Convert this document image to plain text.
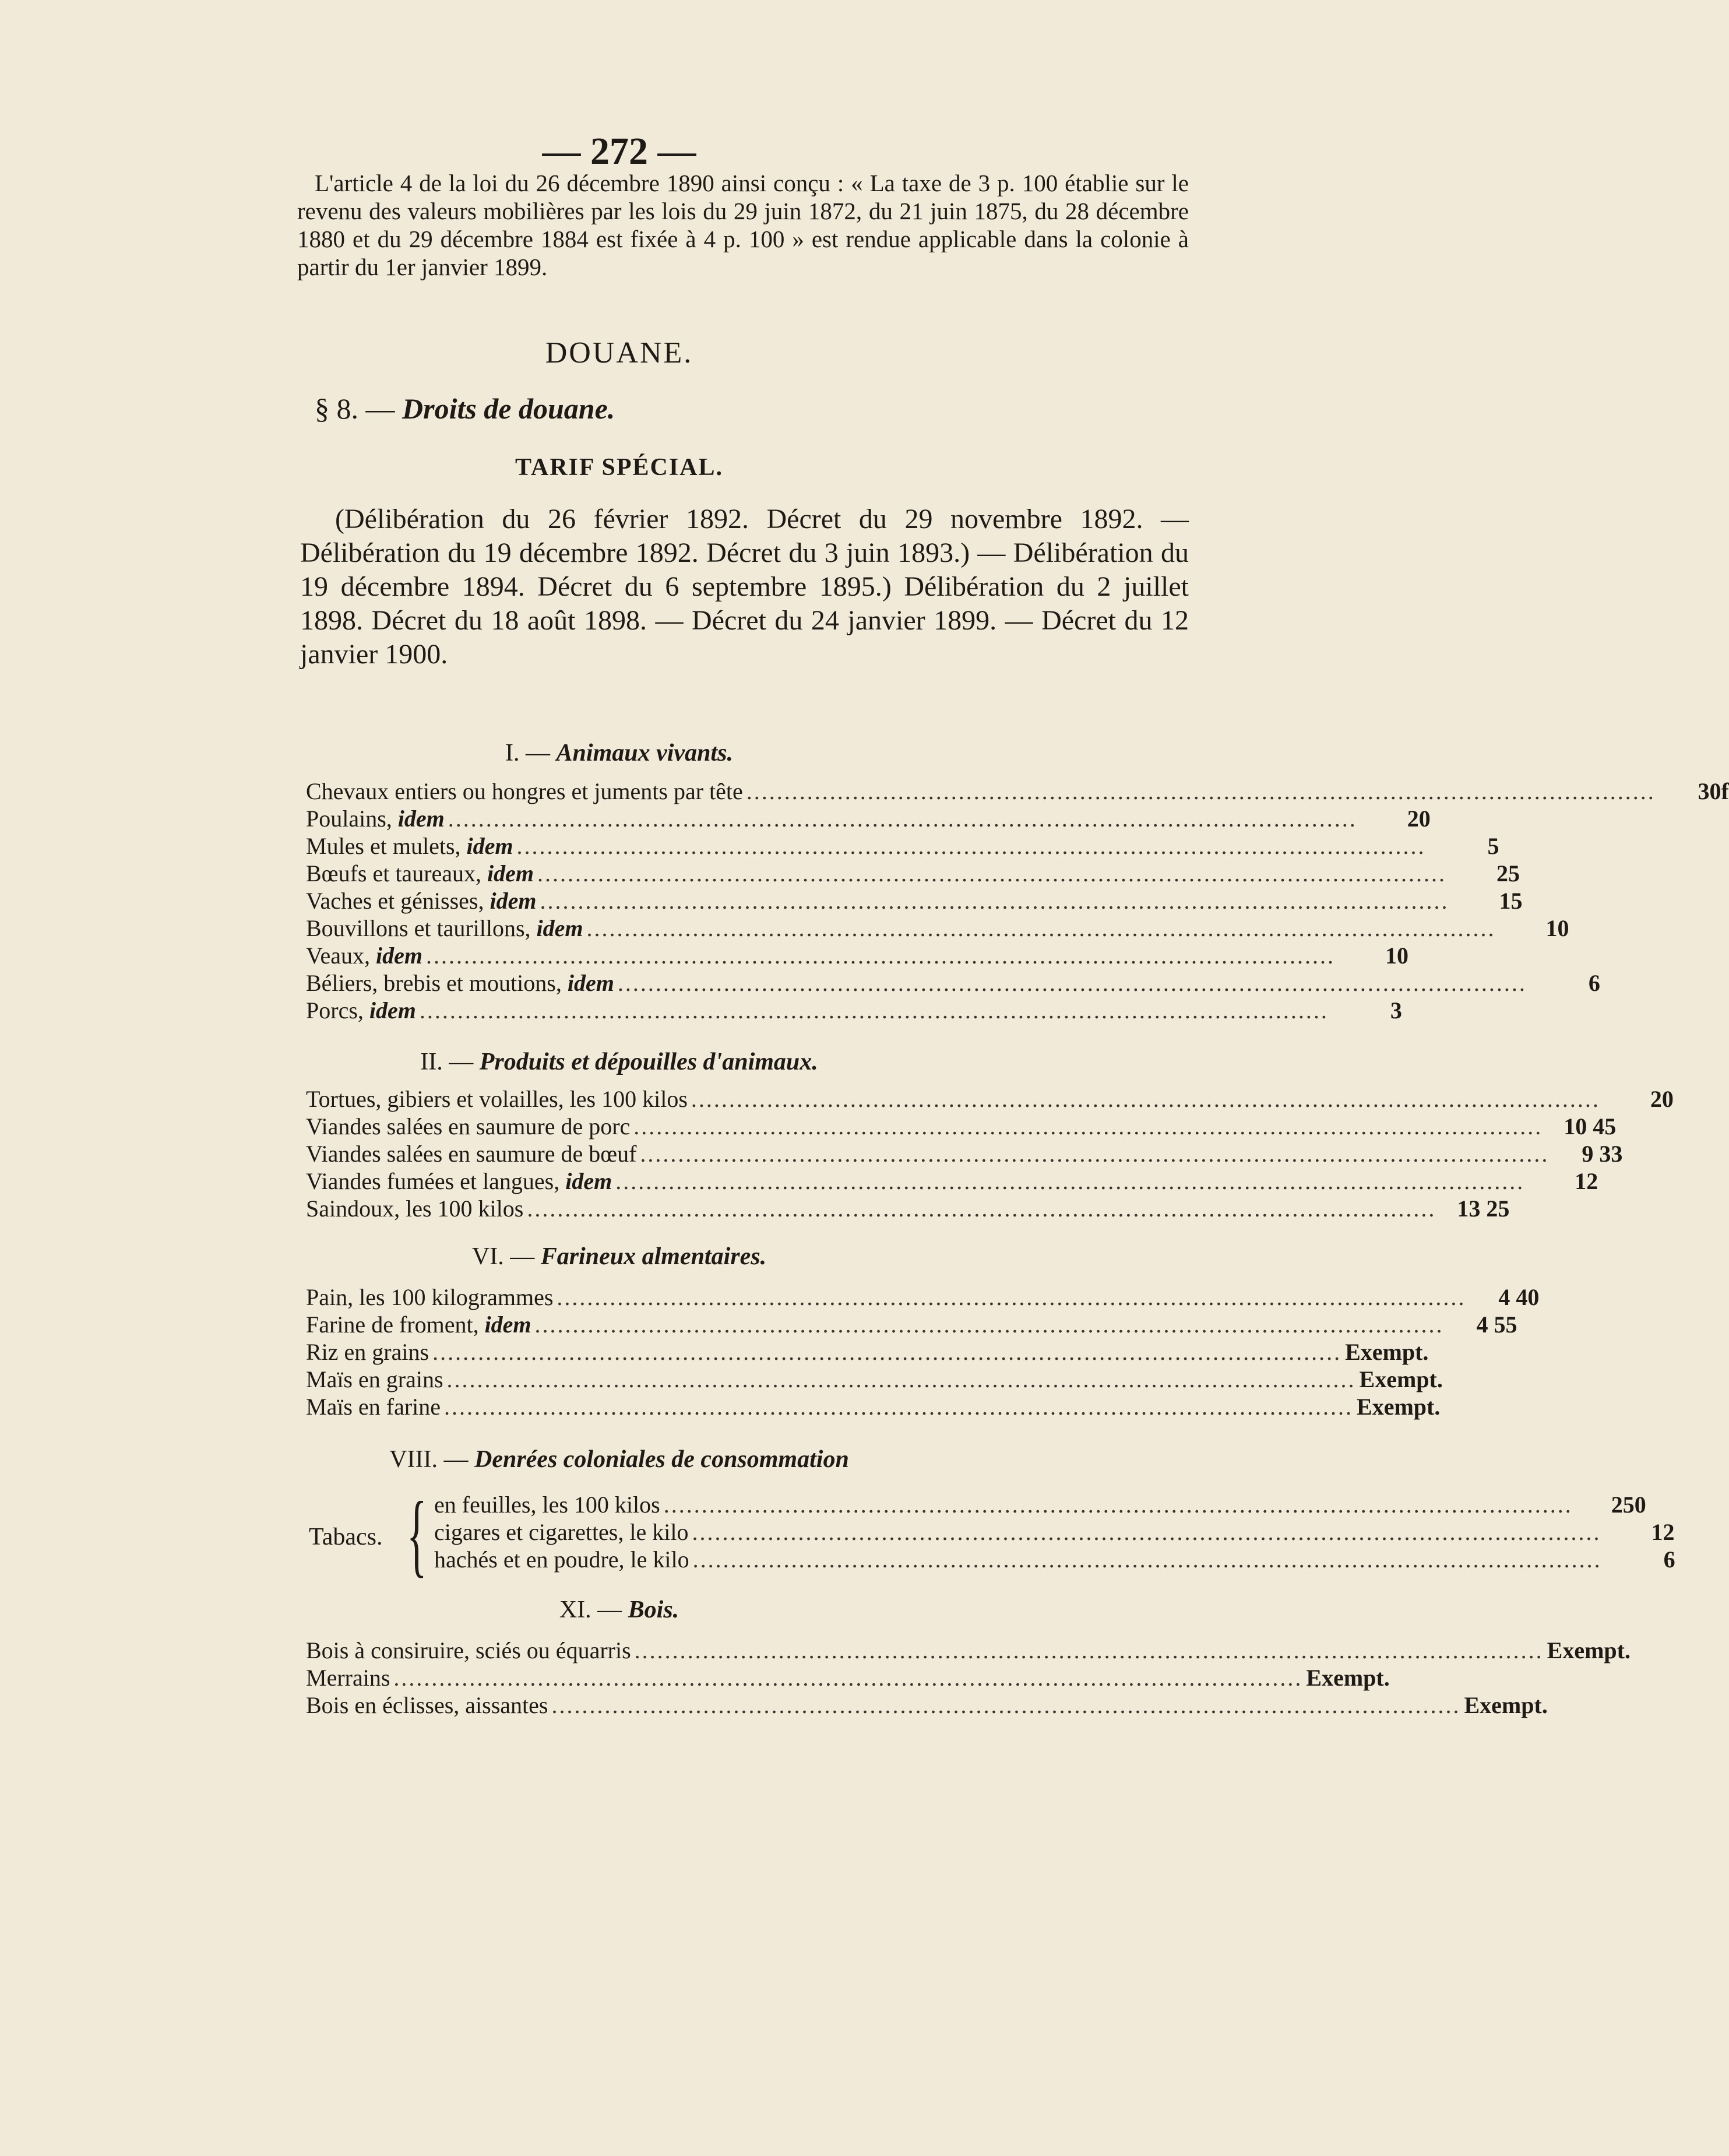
— 272 —

L'article 4 de la loi du 26 décembre 1890 ainsi conçu : « La taxe de 3 p. 100 établie sur le revenu des valeurs mobilières par les lois du 29 juin 1872, du 21 juin 1875, du 28 décembre 1880 et du 29 décembre 1884 est fixée à 4 p. 100 » est rendue applicable dans la colonie à partir du 1er janvier 1899.

DOUANE.
§ 8. — Droits de douane.
TARIF SPÉCIAL.

(Délibération du 26 février 1892. Décret du 29 novembre 1892. — Délibération du 19 décembre 1892. Décret du 3 juin 1893.) — Délibération du 19 décembre 1894. Décret du 6 septembre 1895.) Délibération du 2 juillet 1898. Décret du 18 août 1898. — Décret du 24 janvier 1899. — Décret du 12 janvier 1900.

I. — Animaux vivants.
Chevaux entiers ou hongres et juments par tête ........................................................................................................................	30f
Poulains, idem ........................................................................................................................	20
Mules et mulets, idem ........................................................................................................................	5
Bœufs et taureaux, idem ........................................................................................................................	25
Vaches et génisses, idem ........................................................................................................................	15
Bouvillons et taurillons, idem ........................................................................................................................	10
Veaux, idem ........................................................................................................................	10
Béliers, brebis et moutions, idem ........................................................................................................................	6
Porcs, idem ........................................................................................................................	3
II. — Produits et dépouilles d'animaux.
Tortues, gibiers et volailles, les 100 kilos ........................................................................................................................	20
Viandes salées en saumure de porc ........................................................................................................................ 10 45
Viandes salées en saumure de bœuf ........................................................................................................................	9 33
Viandes fumées et langues, idem ........................................................................................................................	12
Saindoux, les 100 kilos ........................................................................................................................ 13 25
VI. — Farineux almentaires.
Pain, les 100 kilogrammes ........................................................................................................................	4 40
Farine de froment, idem ........................................................................................................................	4 55
Riz en grains ........................................................................................................................ Exempt.
Maïs en grains ........................................................................................................................ Exempt.
Maïs en farine ........................................................................................................................ Exempt.
VIII. — Denrées coloniales de consommation
Tabacs. { en feuilles, les 100 kilos ........................................................................................................................	250
cigares et cigarettes, le kilo ........................................................................................................................	12
hachés et en poudre, le kilo ........................................................................................................................	6
XI. — Bois.
Bois à consiruire, sciés ou équarris ........................................................................................................................ Exempt.
Merrains ........................................................................................................................ Exempt.
Bois en éclisses, aissantes ........................................................................................................................ Exempt.
